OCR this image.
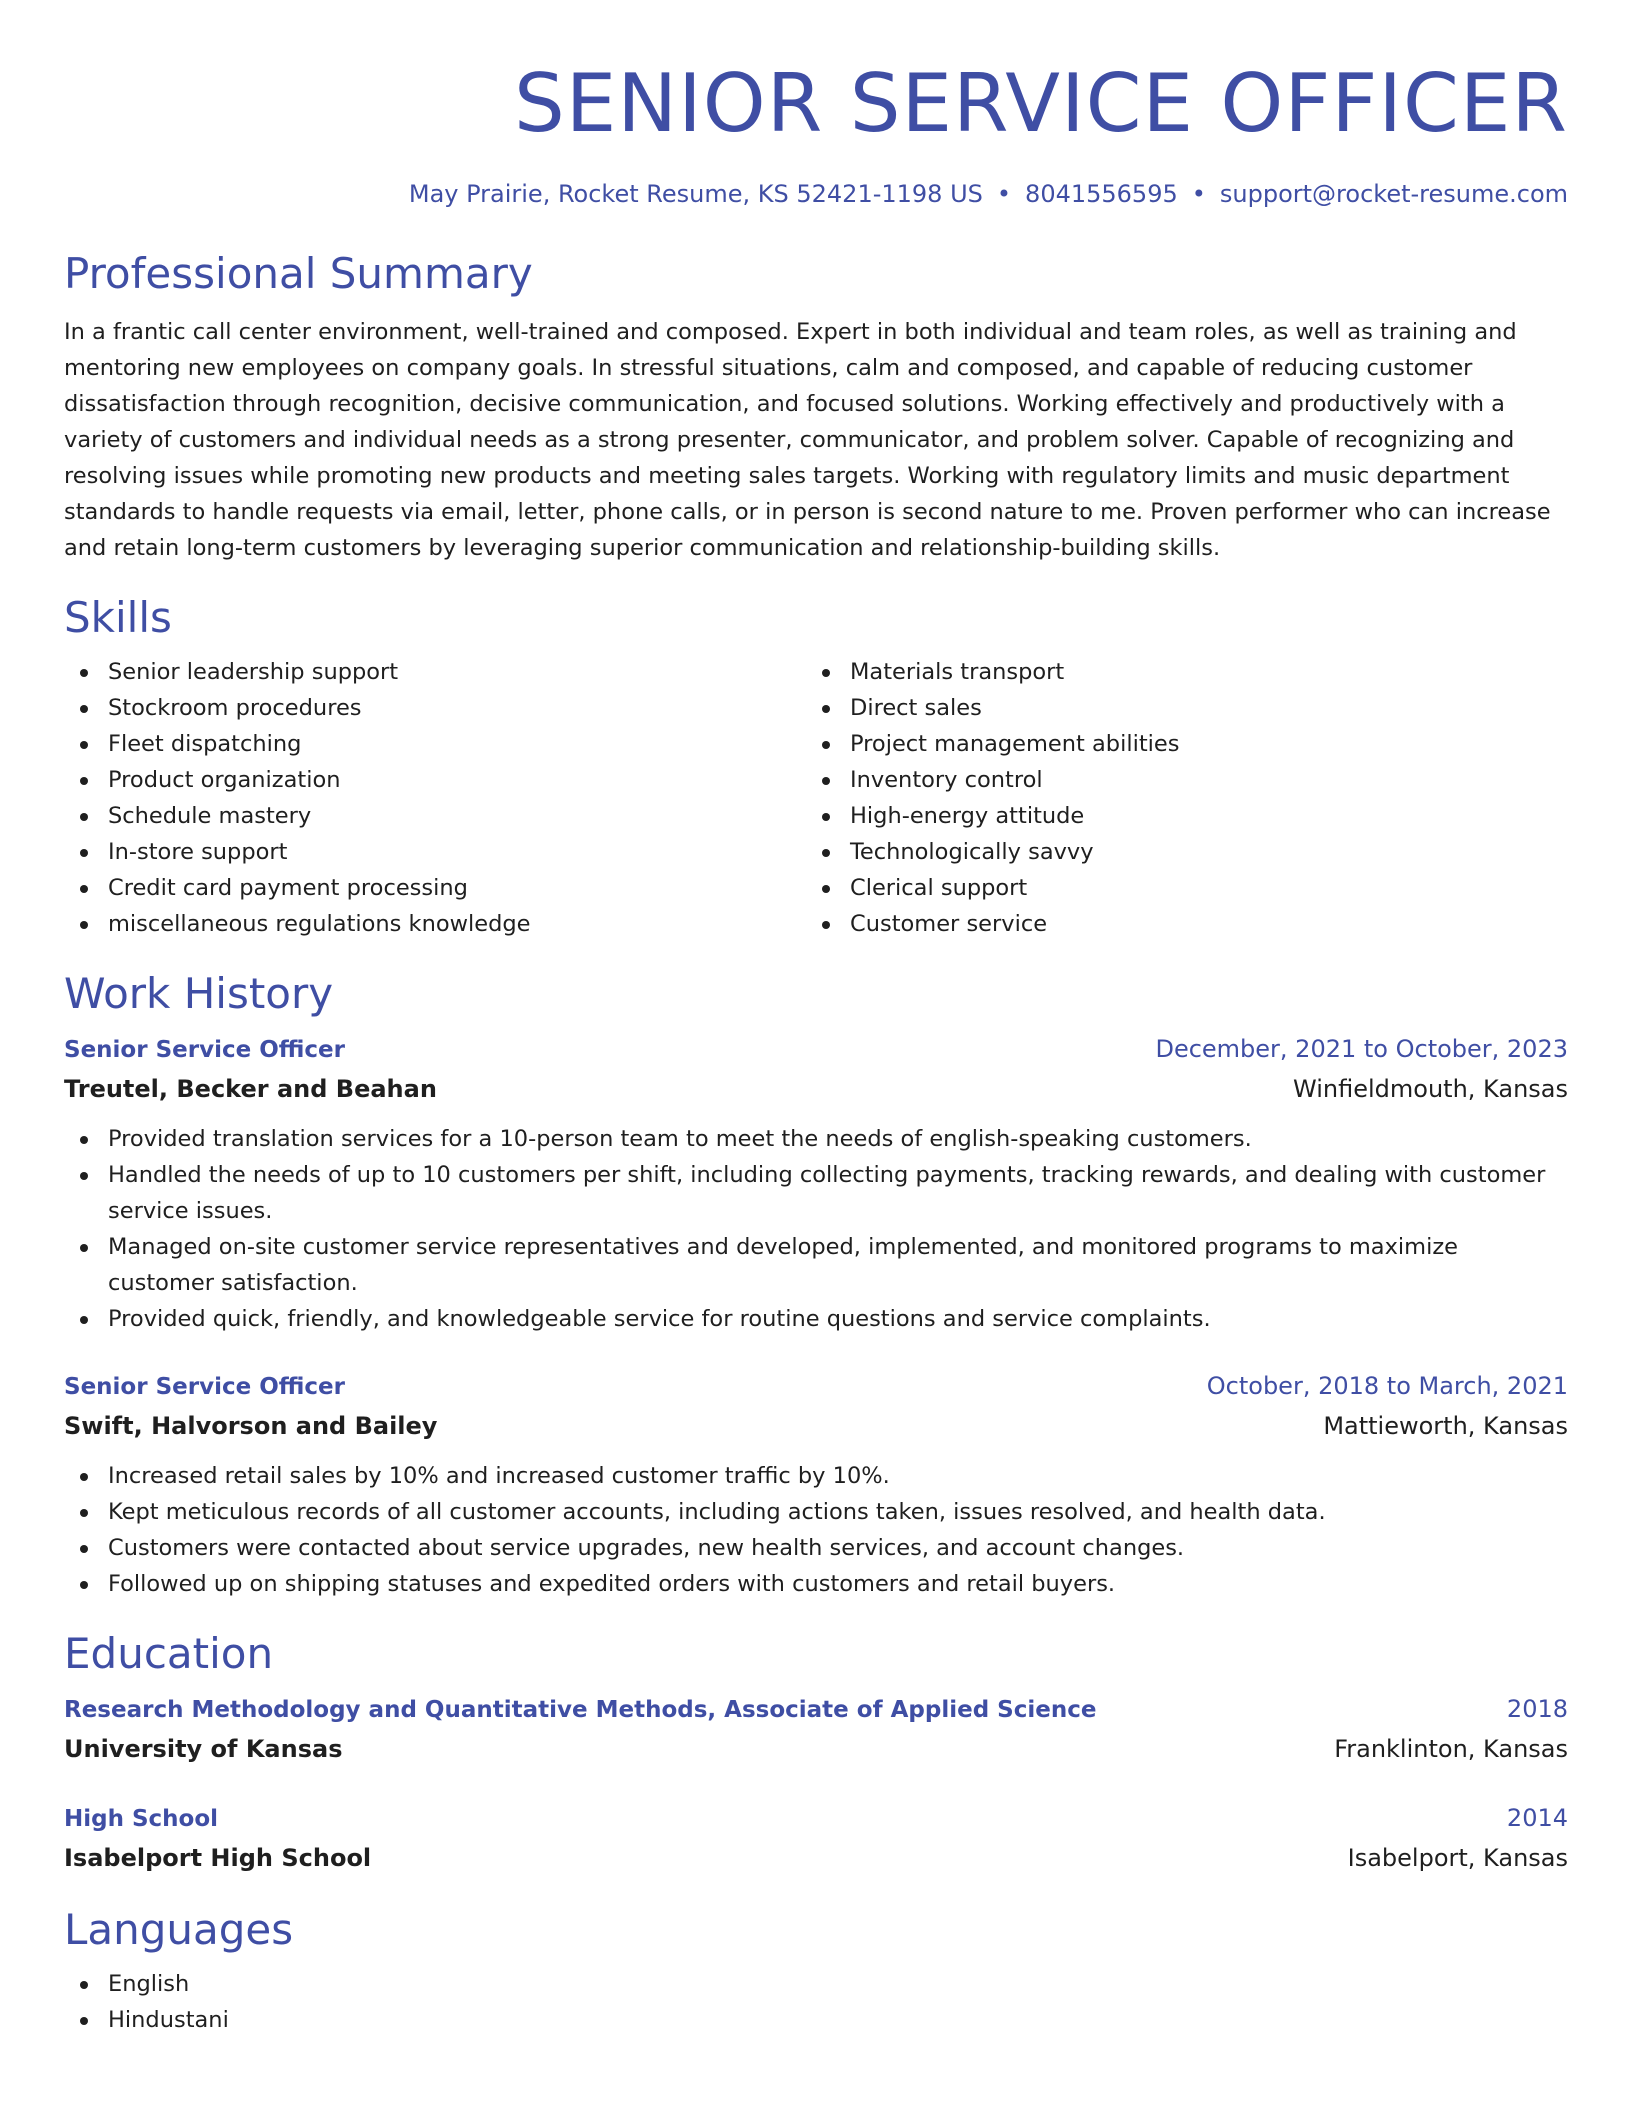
SENIOR SERVICE OFFICER
May Prairie, Rocket Resume, KS 52421-1198 US • 8041556595 • support@rocket-resume.com
Professional Summary

In a frantic call center environment, well-trained and composed. Expert in both individual and team roles, as well as training and mentoring new employees on company goals. In stressful situations, calm and composed, and capable of reducing customer dissatisfaction through recognition, decisive communication, and focused solutions. Working effectively and productively with a variety of customers and individual needs as a strong presenter, communicator, and problem solver. Capable of recognizing and resolving issues while promoting new products and meeting sales targets. Working with regulatory limits and music department standards to handle requests via email, letter, phone calls, or in person is second nature to me. Proven performer who can increase and retain long-term customers by leveraging superior communication and relationship-building skills.

Skills
Senior leadership support
Stockroom procedures
Fleet dispatching
Product organization
Schedule mastery
In-store support
Credit card payment processing
miscellaneous regulations knowledge
Materials transport
Direct sales
Project management abilities
Inventory control
High-energy attitude
Technologically savvy
Clerical support
Customer service
Work History
Senior Service Officer	December, 2021 to October, 2023
Treutel, Becker and Beahan	Winfieldmouth, Kansas
Provided translation services for a 10-person team to meet the needs of english-speaking customers.
Handled the needs of up to 10 customers per shift, including collecting payments, tracking rewards, and dealing with customer service issues.
Managed on-site customer service representatives and developed, implemented, and monitored programs to maximize customer satisfaction.
Provided quick, friendly, and knowledgeable service for routine questions and service complaints.
Senior Service Officer	October, 2018 to March, 2021
Swift, Halvorson and Bailey	Mattieworth, Kansas
Increased retail sales by 10% and increased customer traffic by 10%.
Kept meticulous records of all customer accounts, including actions taken, issues resolved, and health data.
Customers were contacted about service upgrades, new health services, and account changes.
Followed up on shipping statuses and expedited orders with customers and retail buyers.
Education
Research Methodology and Quantitative Methods, Associate of Applied Science	2018
University of Kansas	Franklinton, Kansas
High School	2014
Isabelport High School	Isabelport, Kansas
Languages
English
Hindustani
